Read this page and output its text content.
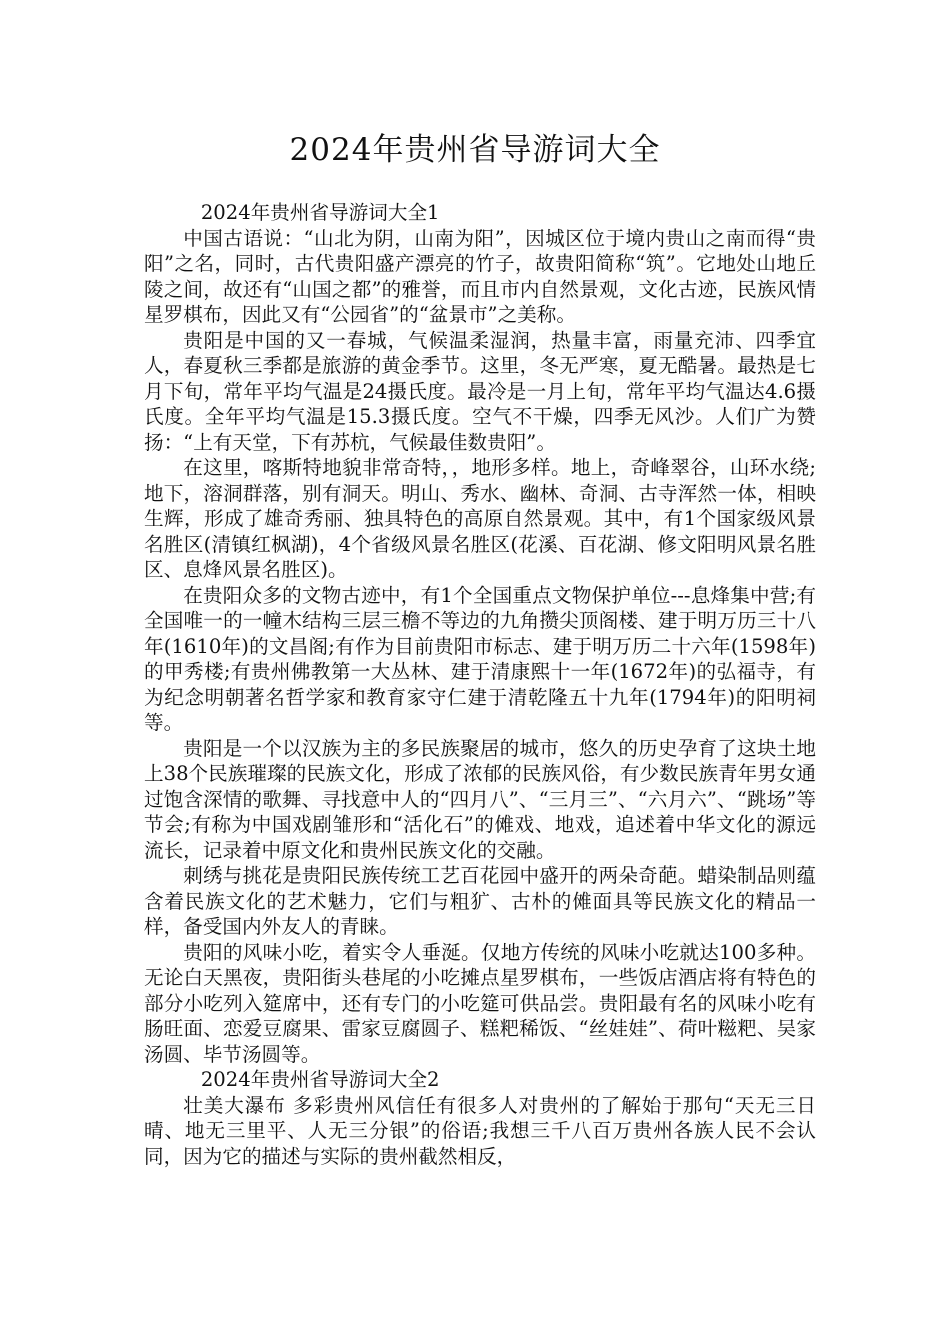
2024年贵州省导游词大全

2024年贵州省导游词大全1

中国古语说：“山北为阴，山南为阳”，因城区位于境内贵山之南而得“贵阳”之名，同时，古代贵阳盛产漂亮的竹子，故贵阳简称“筑”。它地处山地丘陵之间，故还有“山国之都”的雅誉，而且市内自然景观，文化古迹，民族风情星罗棋布，因此又有“公园省”的“盆景市”之美称。

贵阳是中国的又一春城，气候温柔湿润，热量丰富，雨量充沛、四季宜人，春夏秋三季都是旅游的黄金季节。这里，冬无严寒，夏无酷暑。最热是七月下旬，常年平均气温是24摄氏度。最冷是一月上旬，常年平均气温达4.6摄氏度。全年平均气温是15.3摄氏度。空气不干燥，四季无风沙。人们广为赞扬：“上有天堂，下有苏杭，气候最佳数贵阳”。

在这里，喀斯特地貌非常奇特，，地形多样。地上，奇峰翠谷，山环水绕;地下，溶洞群落，别有洞天。明山、秀水、幽林、奇洞、古寺浑然一体，相映生辉，形成了雄奇秀丽、独具特色的高原自然景观。其中，有1个国家级风景名胜区(清镇红枫湖)，4个省级风景名胜区(花溪、百花湖、修文阳明风景名胜区、息烽风景名胜区)。

在贵阳众多的文物古迹中，有1个全国重点文物保护单位---息烽集中营;有全国唯一的一幢木结构三层三檐不等边的九角攒尖顶阁楼、建于明万历三十八年(1610年)的文昌阁;有作为目前贵阳市标志、建于明万历二十六年(1598年)的甲秀楼;有贵州佛教第一大丛林、建于清康熙十一年(1672年)的弘福寺，有为纪念明朝著名哲学家和教育家守仁建于清乾隆五十九年(1794年)的阳明祠等。

贵阳是一个以汉族为主的多民族聚居的城市，悠久的历史孕育了这块土地上38个民族璀璨的民族文化，形成了浓郁的民族风俗，有少数民族青年男女通过饱含深情的歌舞、寻找意中人的“四月八”、“三月三”、“六月六”、“跳场”等节会;有称为中国戏剧雏形和“活化石”的傩戏、地戏，追述着中华文化的源远流长，记录着中原文化和贵州民族文化的交融。

刺绣与挑花是贵阳民族传统工艺百花园中盛开的两朵奇葩。蜡染制品则蕴含着民族文化的艺术魅力，它们与粗犷、古朴的傩面具等民族文化的精品一样，备受国内外友人的青睐。

贵阳的风味小吃，着实令人垂涎。仅地方传统的风味小吃就达100多种。无论白天黑夜，贵阳街头巷尾的小吃摊点星罗棋布，一些饭店酒店将有特色的部分小吃列入筵席中，还有专门的小吃筵可供品尝。贵阳最有名的风味小吃有肠旺面、恋爱豆腐果、雷家豆腐圆子、糕粑稀饭、“丝娃娃”、荷叶糍粑、吴家汤圆、毕节汤圆等。

2024年贵州省导游词大全2

壮美大瀑布 多彩贵州风信任有很多人对贵州的了解始于那句“天无三日晴、地无三里平、人无三分银”的俗语;我想三千八百万贵州各族人民不会认同，因为它的描述与实际的贵州截然相反，
